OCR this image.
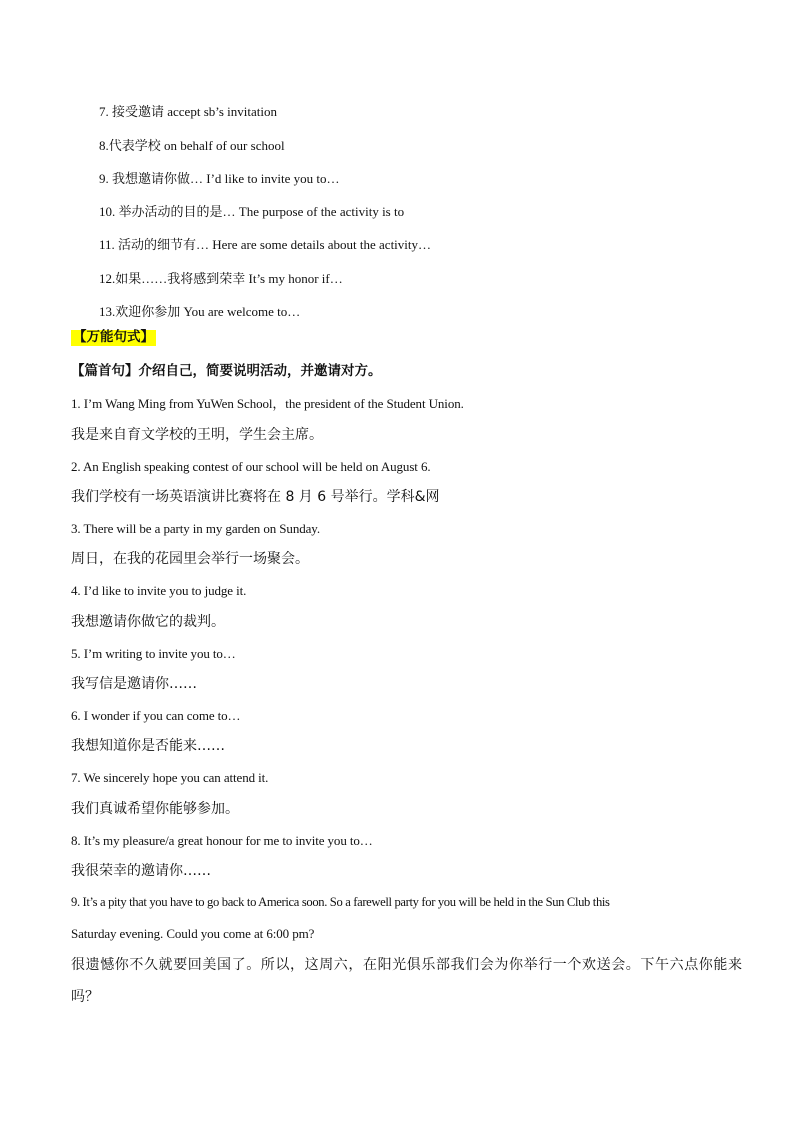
7. 接受邀请 accept sb’s invitation
8.代表学校 on behalf of our school
9. 我想邀请你做… I’d like to invite you to…
10. 举办活动的目的是… The purpose of the activity is to
11. 活动的细节有… Here are some details about the activity…
12.如果……我将感到荣幸 It’s my honor if…
13.欢迎你参加 You are welcome to…
【万能句式】
【篇首句】介绍自己，简要说明活动，并邀请对方。
1. I’m Wang Ming from YuWen School，the president of the Student Union.
我是来自育文学校的王明，学生会主席。
2. An English speaking contest of our school will be held on August 6.
我们学校有一场英语演讲比赛将在 8 月 6 号举行。学科&网
3. There will be a party in my garden on Sunday.
周日，在我的花园里会举行一场聚会。
4. I’d like to invite you to judge it.
我想邀请你做它的裁判。
5. I’m writing to invite you to…
我写信是邀请你……
6. I wonder if you can come to…
我想知道你是否能来……
7. We sincerely hope you can attend it.
我们真诚希望你能够参加。
8. It’s my pleasure/a great honour for me to invite you to…
我很荣幸的邀请你……
9. It’s a pity that you have to go back to America soon. So a farewell party for you will be held in the Sun Club this
Saturday evening. Could you come at 6:00 pm?
很遗憾你不久就要回美国了。所以，这周六，在阳光俱乐部我们会为你举行一个欢送会。下午六点你能来
吗？
